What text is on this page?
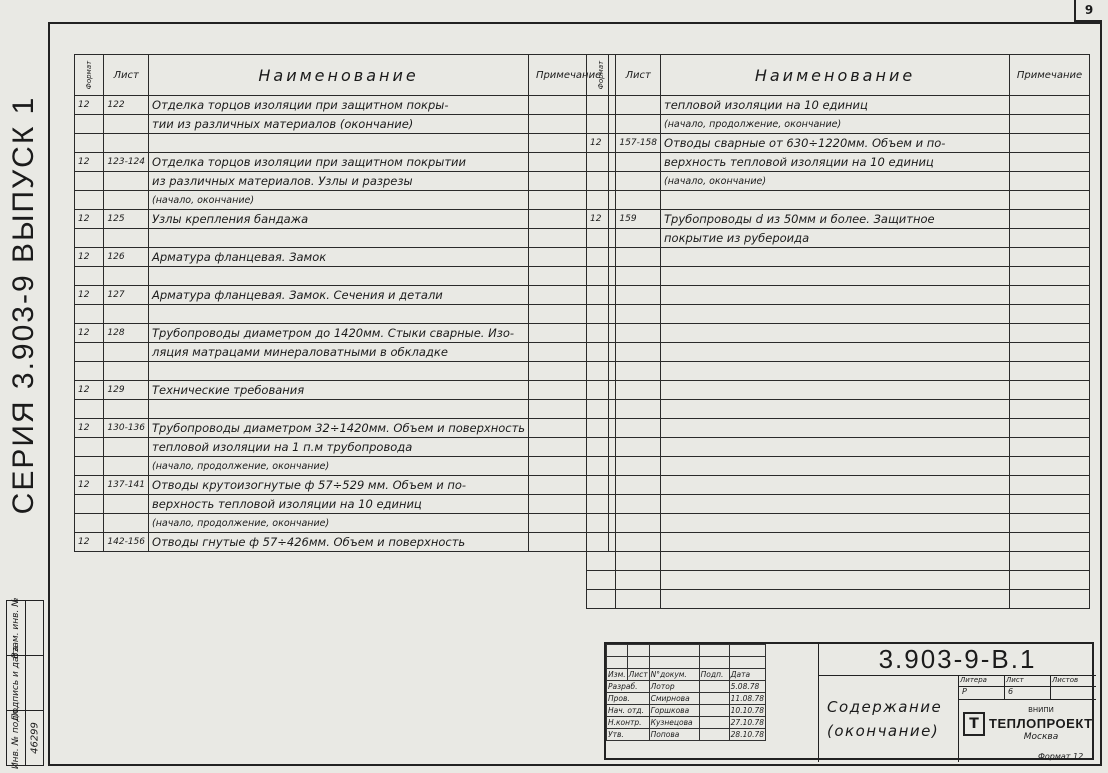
9
СЕРИЯ 3.903-9 ВЫПУСК 1
Взам. инв. №
Подпись и дата
Инв. № подл. 46299
Формат	Лист	Наименование	Примечание
12	122	Отделка торцов изоляции при защитном покры-	
		тии из различных материалов (окончание)	

12	123-124	Отделка торцов изоляции при защитном покрытии	
		из различных материалов. Узлы и разрезы	
		(начало, окончание)	
12	125	Узлы крепления бандажа	

12	126	Арматура фланцевая. Замок	

12	127	Арматура фланцевая. Замок. Сечения и детали	

12	128	Трубопроводы диаметром до 1420мм. Стыки сварные. Изо-	
		ляция матрацами минераловатными в обкладке	

12	129	Технические требования	

12	130-136	Трубопроводы диаметром 32÷1420мм. Объем и поверхность	
		тепловой изоляции на 1 п.м трубопровода	
		(начало, продолжение, окончание)	
12	137-141	Отводы крутоизогнутые ф 57÷529 мм. Объем и по-	
		верхность тепловой изоляции на 10 единиц	
		(начало, продолжение, окончание)	
12	142-156	Отводы гнутые ф 57÷426мм. Объем и поверхность	
Формат	Лист	Наименование	Примечание
		тепловой изоляции на 10 единиц	
		(начало, продолжение, окончание)	
12	157-158	Отводы сварные от 630÷1220мм. Объем и по-	
		верхность тепловой изоляции на 10 единиц	
		(начало, окончание)	

12	159	Трубопроводы d из 50мм и более. Защитное	
		покрытие из рубероида	

Изм.	Лист	N°докум.	Подп.	Дата
Разраб.		Лотор		5.08.78
Пров.		Смирнова		11.08.78
Нач. отд.		Горшкова		10.10.78
Н.контр.		Кузнецова		27.10.78
Утв.		Попова		28.10.78
3.903-9-В.1
Содержание
(окончание)
Литера	Лист	Листов
Р	6
Т
ВНИПИ
ТЕПЛОПРОЕКТ
Москва
Формат 12
